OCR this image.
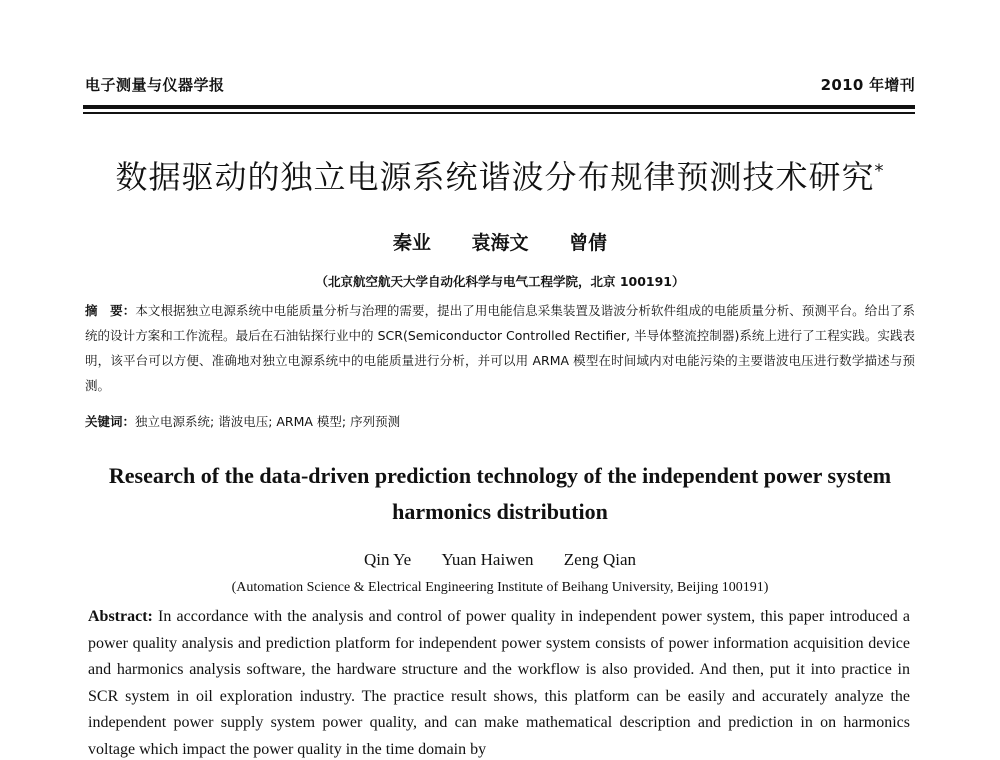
电子测量与仪器学报	2010 年增刊
数据驱动的独立电源系统谐波分布规律预测技术研究*
秦业 袁海文 曾倩
（北京航空航天大学自动化科学与电气工程学院，北京 100191）

摘　要：本文根据独立电源系统中电能质量分析与治理的需要，提出了用电能信息采集装置及谐波分析软件组成的电能质量分析、预测平台。给出了系统的设计方案和工作流程。最后在石油钻探行业中的 SCR(Semiconductor Controlled Rectifier, 半导体整流控制器)系统上进行了工程实践。实践表明，该平台可以方便、准确地对独立电源系统中的电能质量进行分析，并可以用 ARMA 模型在时间域内对电能污染的主要谐波电压进行数学描述与预测。

关键词：独立电源系统; 谐波电压; ARMA 模型; 序列预测

Research of the data-driven prediction technology of the independent power system harmonics distribution
Qin Ye Yuan Haiwen Zeng Qian
(Automation Science & Electrical Engineering Institute of Beihang University, Beijing 100191)

Abstract: In accordance with the analysis and control of power quality in independent power system, this paper introduced a power quality analysis and prediction platform for independent power system consists of power information acquisition device and harmonics analysis software, the hardware structure and the workflow is also provided. And then, put it into practice in SCR system in oil exploration industry. The practice result shows, this platform can be easily and accurately analyze the independent power supply system power quality, and can make mathematical description and prediction in on harmonics voltage which impact the power quality in the time domain by
